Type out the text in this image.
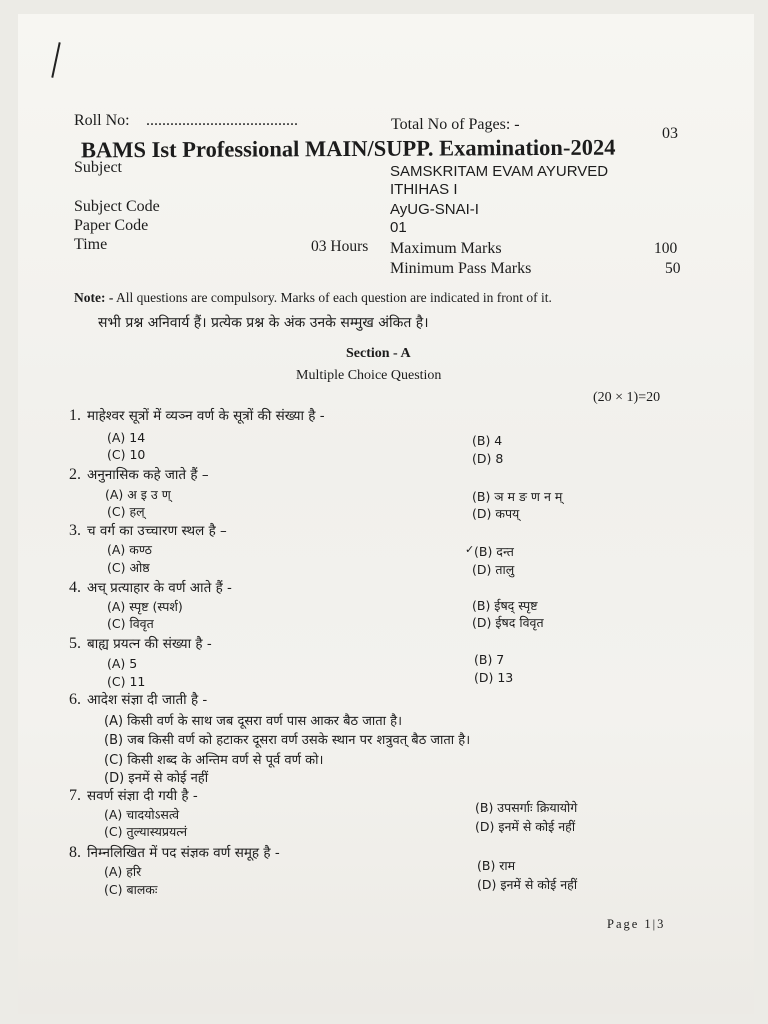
Roll No: ......................................	Total No of Pages: -
03
BAMS Ist Professional MAIN/SUPP. Examination-2024
Subject	SAMSKRITAM EVAM AYURVED
ITHIHAS I
Subject Code	AyUG-SNAI-I
Paper Code	01
Time	03 Hours Maximum Marks	100
Minimum Pass Marks	50
Note: - All questions are compulsory. Marks of each question are indicated in front of it.
सभी प्रश्न अनिवार्य हैं। प्रत्येक प्रश्न के अंक उनके सम्मुख अंकित है।
Section - A
Multiple Choice Question
(20 × 1)=20
1. माहेश्वर सूत्रों में व्यञ्न वर्ण के सूत्रों की संख्या है -
(A) 14	(B) 4
(C) 10	(D) 8
2. अनुनासिक कहे जाते हैं –
(A) अ इ उ ण्	(B) ञ म ङ ण न म्
(C) हल्	(D) कपय्
3. च वर्ग का उच्चारण स्थल है –
(A) कण्ठ	✓ (B) दन्त
(C) ओष्ठ	(D) तालु
4. अच् प्रत्याहार के वर्ण आते हैं -
(A) स्पृष्ट (स्पर्श)	(B) ईषद् स्पृष्ट
(C) विवृत	(D) ईषद विवृत
5. बाह्य प्रयत्न की संख्या है -
(A) 5	(B) 7
(C) 11	(D) 13
6. आदेश संज्ञा दी जाती है -
(A) किसी वर्ण के साथ जब दूसरा वर्ण पास आकर बैठ जाता है।
(B) जब किसी वर्ण को हटाकर दूसरा वर्ण उसके स्थान पर शत्रुवत् बैठ जाता है।
(C) किसी शब्द के अन्तिम वर्ण से पूर्व वर्ण को।
(D) इनमें से कोई नहीं
7. सवर्ण संज्ञा दी गयी है -
(A) चादयोऽसत्वे	(B) उपसर्गाः क्रियायोगे
(C) तुल्यास्यप्रयत्नं	(D) इनमें से कोई नहीं
8. निम्नलिखित में पद संज्ञक वर्ण समूह है -
(A) हरि	(B) राम
(C) बालकः	(D) इनमें से कोई नहीं
Page 1|3
